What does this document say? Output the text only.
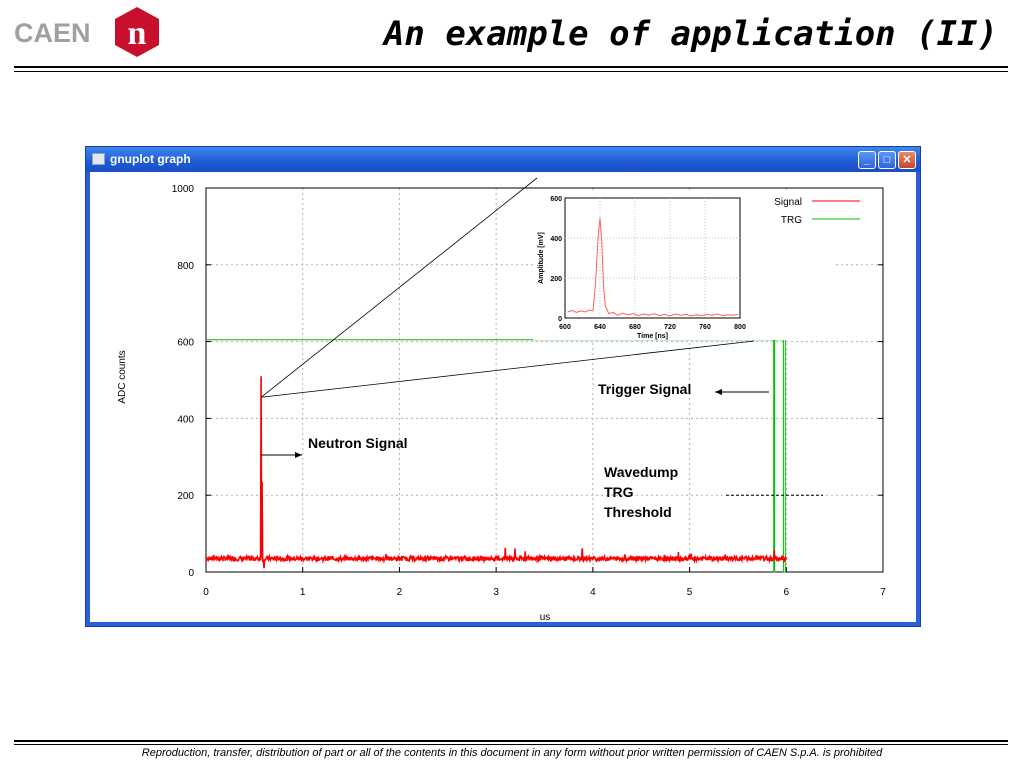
CAEN n	An example of application (II)
gnuplot graph	_	□	✕
0	1	2	3	4	5	6	7
0
200
400
600
800
1000
600	640	680	720	760	800
0
200
400
600
Time [ns]
Amplitude [mV]
Signal
TRG
us
ADC counts
Neutron Signal
Trigger Signal
Wavedump
TRG
Threshold
Reproduction, transfer, distribution of part or all of the contents in this document in any form without prior written permission of CAEN S.p.A. is prohibited
